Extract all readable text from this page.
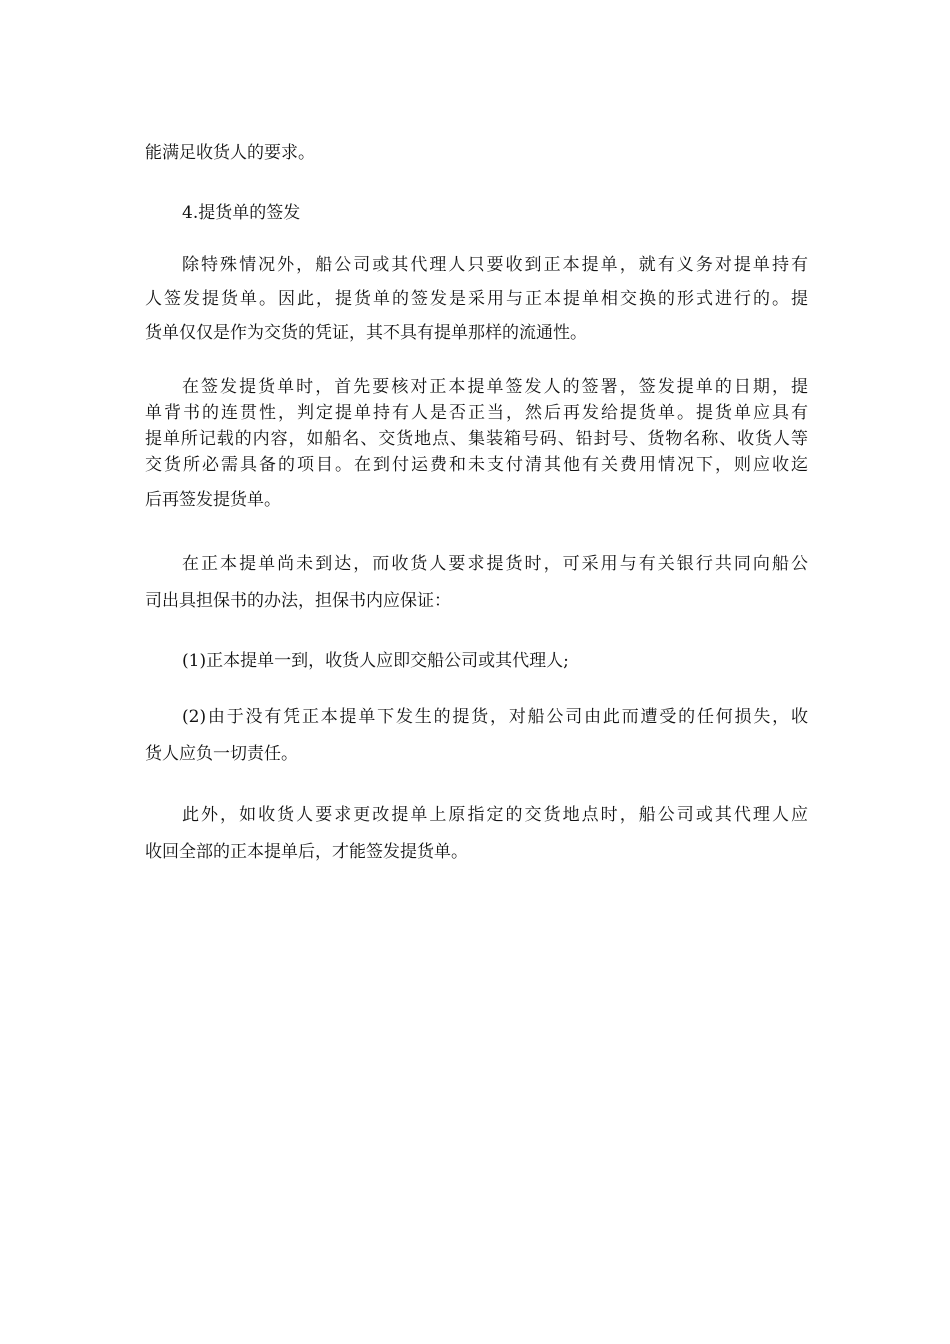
能满足收货人的要求。

4.提货单的签发

除特殊情况外，船公司或其代理人只要收到正本提单，就有义务对提单持有
人签发提货单。因此，提货单的签发是采用与正本提单相交换的形式进行的。提
货单仅仅是作为交货的凭证，其不具有提单那样的流通性。

在签发提货单时，首先要核对正本提单签发人的签署，签发提单的日期，提
单背书的连贯性，判定提单持有人是否正当，然后再发给提货单。提货单应具有
提单所记载的内容，如船名、交货地点、集装箱号码、铅封号、货物名称、收货人等
交货所必需具备的项目。在到付运费和未支付清其他有关费用情况下，则应收迄
后再签发提货单。

在正本提单尚未到达，而收货人要求提货时，可采用与有关银行共同向船公
司出具担保书的办法，担保书内应保证：

(1)正本提单一到，收货人应即交船公司或其代理人;

(2)由于没有凭正本提单下发生的提货，对船公司由此而遭受的任何损失，收
货人应负一切责任。

此外，如收货人要求更改提单上原指定的交货地点时，船公司或其代理人应
收回全部的正本提单后，才能签发提货单。
